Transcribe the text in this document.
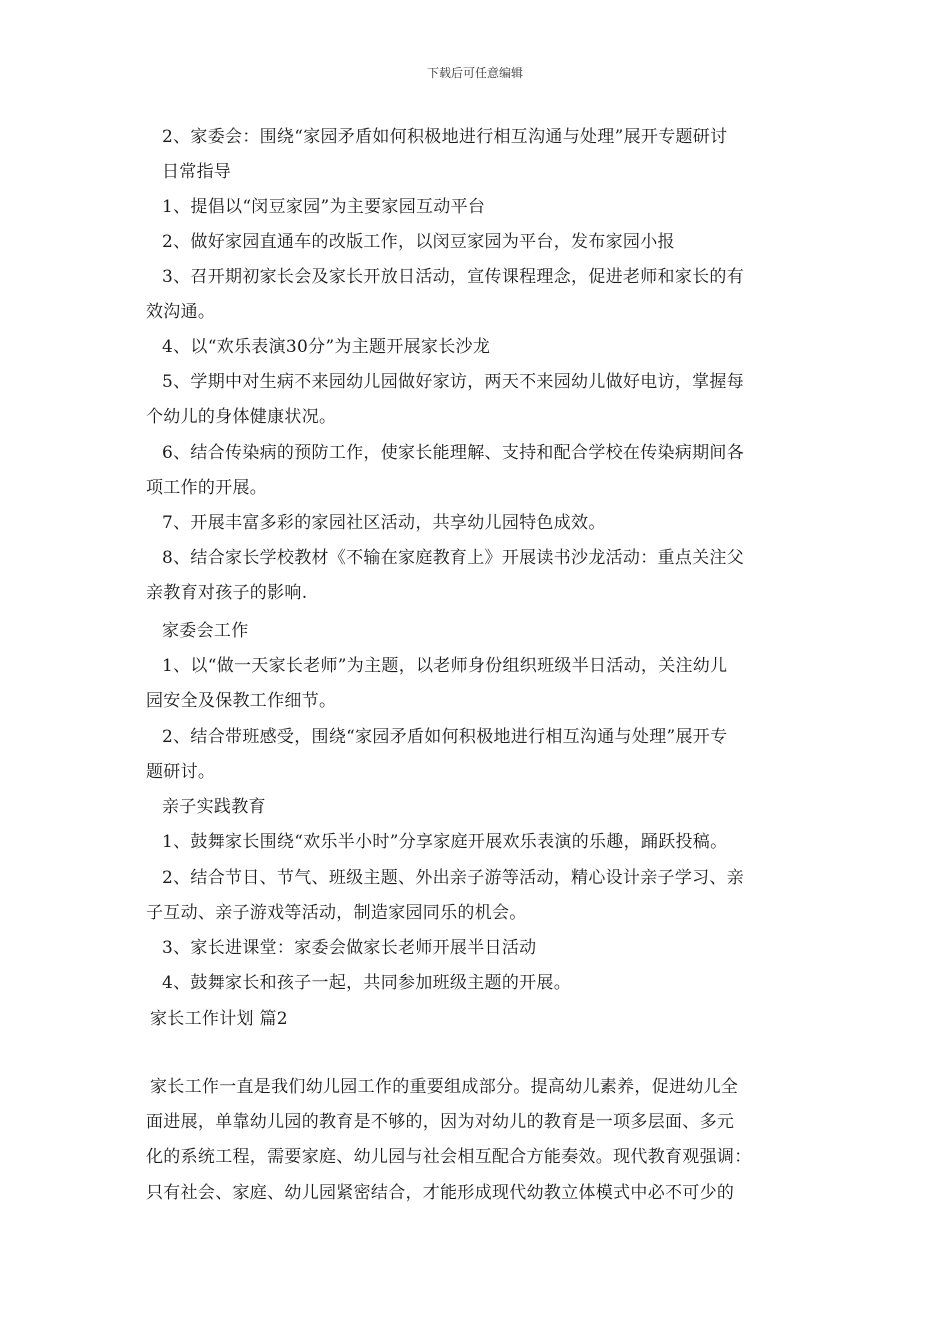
下载后可任意编辑
2、家委会：围绕“家园矛盾如何积极地进行相互沟通与处理”展开专题研讨
日常指导
1、提倡以“闵豆家园”为主要家园互动平台
2、做好家园直通车的改版工作，以闵豆家园为平台，发布家园小报
3、召开期初家长会及家长开放日活动，宣传课程理念，促进老师和家长的有
效沟通。
4、以“欢乐表演30分”为主题开展家长沙龙
5、学期中对生病不来园幼儿园做好家访，两天不来园幼儿做好电访，掌握每
个幼儿的身体健康状况。
6、结合传染病的预防工作，使家长能理解、支持和配合学校在传染病期间各
项工作的开展。
7、开展丰富多彩的家园社区活动，共享幼儿园特色成效。
8、结合家长学校教材《不输在家庭教育上》开展读书沙龙活动：重点关注父
亲教育对孩子的影响.
家委会工作
1、以“做一天家长老师”为主题，以老师身份组织班级半日活动，关注幼儿
园安全及保教工作细节。
2、结合带班感受，围绕“家园矛盾如何积极地进行相互沟通与处理”展开专
题研讨。
亲子实践教育
1、鼓舞家长围绕“欢乐半小时”分享家庭开展欢乐表演的乐趣，踊跃投稿。
2、结合节日、节气、班级主题、外出亲子游等活动，精心设计亲子学习、亲
子互动、亲子游戏等活动，制造家园同乐的机会。
3、家长进课堂：家委会做家长老师开展半日活动
4、鼓舞家长和孩子一起，共同参加班级主题的开展。
家长工作计划 篇2
家长工作一直是我们幼儿园工作的重要组成部分。提高幼儿素养，促进幼儿全
面进展，单靠幼儿园的教育是不够的，因为对幼儿的教育是一项多层面、多元
化的系统工程，需要家庭、幼儿园与社会相互配合方能奏效。现代教育观强调：
只有社会、家庭、幼儿园紧密结合，才能形成现代幼教立体模式中必不可少的
